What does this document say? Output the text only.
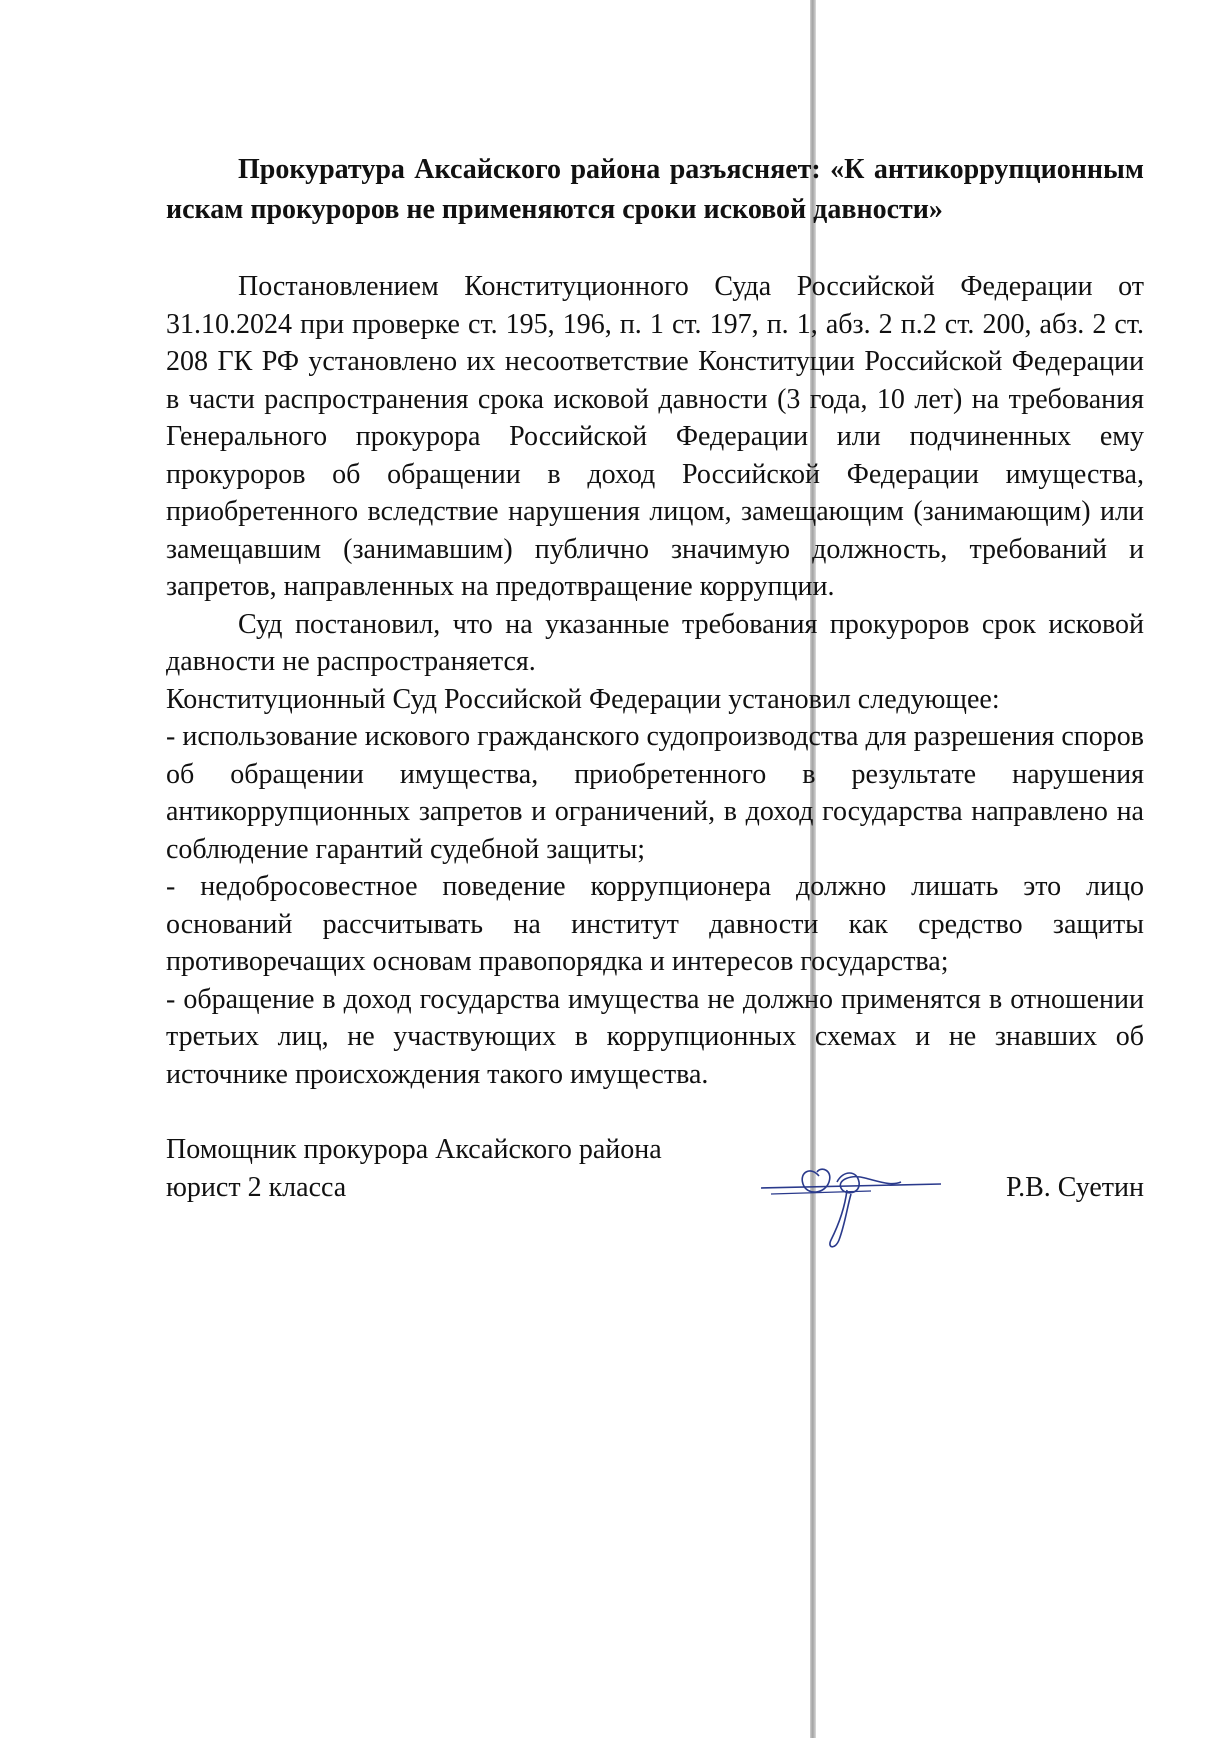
Прокуратура Аксайского района разъясняет: «К антикоррупционным искам прокуроров не применяются сроки исковой давности»

Постановлением Конституционного Суда Российской Федерации от 31.10.2024 при проверке ст. 195, 196, п. 1 ст. 197, п. 1, абз. 2 п.2 ст. 200, абз. 2 ст. 208 ГК РФ установлено их несоответствие Конституции Российской Федерации в части распространения срока исковой давности (3 года, 10 лет) на требования Генерального прокурора Российской Федерации или подчиненных ему прокуроров об обращении в доход Российской Федерации имущества, приобретенного вследствие нарушения лицом, замещающим (занимающим) или замещавшим (занимавшим) публично значимую должность, требований и запретов, направленных на предотвращение коррупции.

Суд постановил, что на указанные требования прокуроров срок исковой давности не распространяется.

Конституционный Суд Российской Федерации установил следующее:

- использование искового гражданского судопроизводства для разрешения споров об обращении имущества, приобретенного в результате нарушения антикоррупционных запретов и ограничений, в доход государства направлено на соблюдение гарантий судебной защиты;

- недобросовестное поведение коррупционера должно лишать это лицо оснований рассчитывать на институт давности как средство защиты противоречащих основам правопорядка и интересов государства;

- обращение в доход государства имущества не должно применятся в отношении третьих лиц, не участвующих в коррупционных схемах и не знавших об источнике происхождения такого имущества.

Помощник прокурора Аксайского района
юрист 2 класса	Р.В. Суетин
